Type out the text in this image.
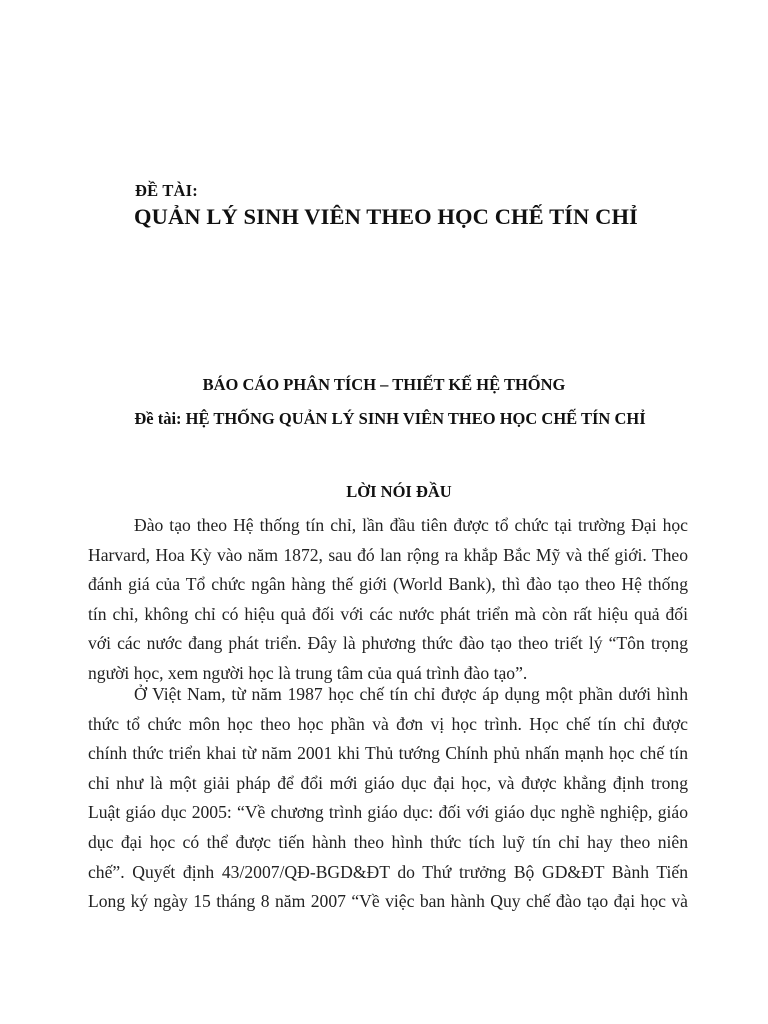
ĐỀ TÀI:
QUẢN LÝ SINH VIÊN THEO HỌC CHẾ TÍN CHỈ
BÁO CÁO PHÂN TÍCH – THIẾT KẾ HỆ THỐNG
Đề tài: HỆ THỐNG QUẢN LÝ SINH VIÊN THEO HỌC CHẾ TÍN CHỈ
LỜI NÓI ĐẦU
Đào tạo theo Hệ thống tín chỉ, lần đầu tiên được tổ chức tại trường Đại học
Harvard, Hoa Kỳ vào năm 1872, sau đó lan rộng ra khắp Bắc Mỹ và thế giới. Theo
đánh giá của Tổ chức ngân hàng thế giới (World Bank), thì đào tạo theo Hệ thống
tín chỉ, không chỉ có hiệu quả đối với các nước phát triển mà còn rất hiệu quả đối
với các nước đang phát triển. Đây là phương thức đào tạo theo triết lý “Tôn trọng
người học, xem người học là trung tâm của quá trình đào tạo”.
Ở Việt Nam, từ năm 1987 học chế tín chỉ được áp dụng một phần dưới hình
thức tổ chức môn học theo học phần và đơn vị học trình. Học chế tín chỉ được
chính thức triển khai từ năm 2001 khi Thủ tướng Chính phủ nhấn mạnh học chế tín
chỉ như là một giải pháp để đổi mới giáo dục đại học, và được khẳng định trong
Luật giáo dục 2005: “Về chương trình giáo dục: đối với giáo dục nghề nghiệp, giáo
dục đại học có thể được tiến hành theo hình thức tích luỹ tín chỉ hay theo niên
chế”. Quyết định 43/2007/QĐ-BGD&ĐT do Thứ trưởng Bộ GD&ĐT Bành Tiến
Long ký ngày 15 tháng 8 năm 2007 “Về việc ban hành Quy chế đào tạo đại học và
